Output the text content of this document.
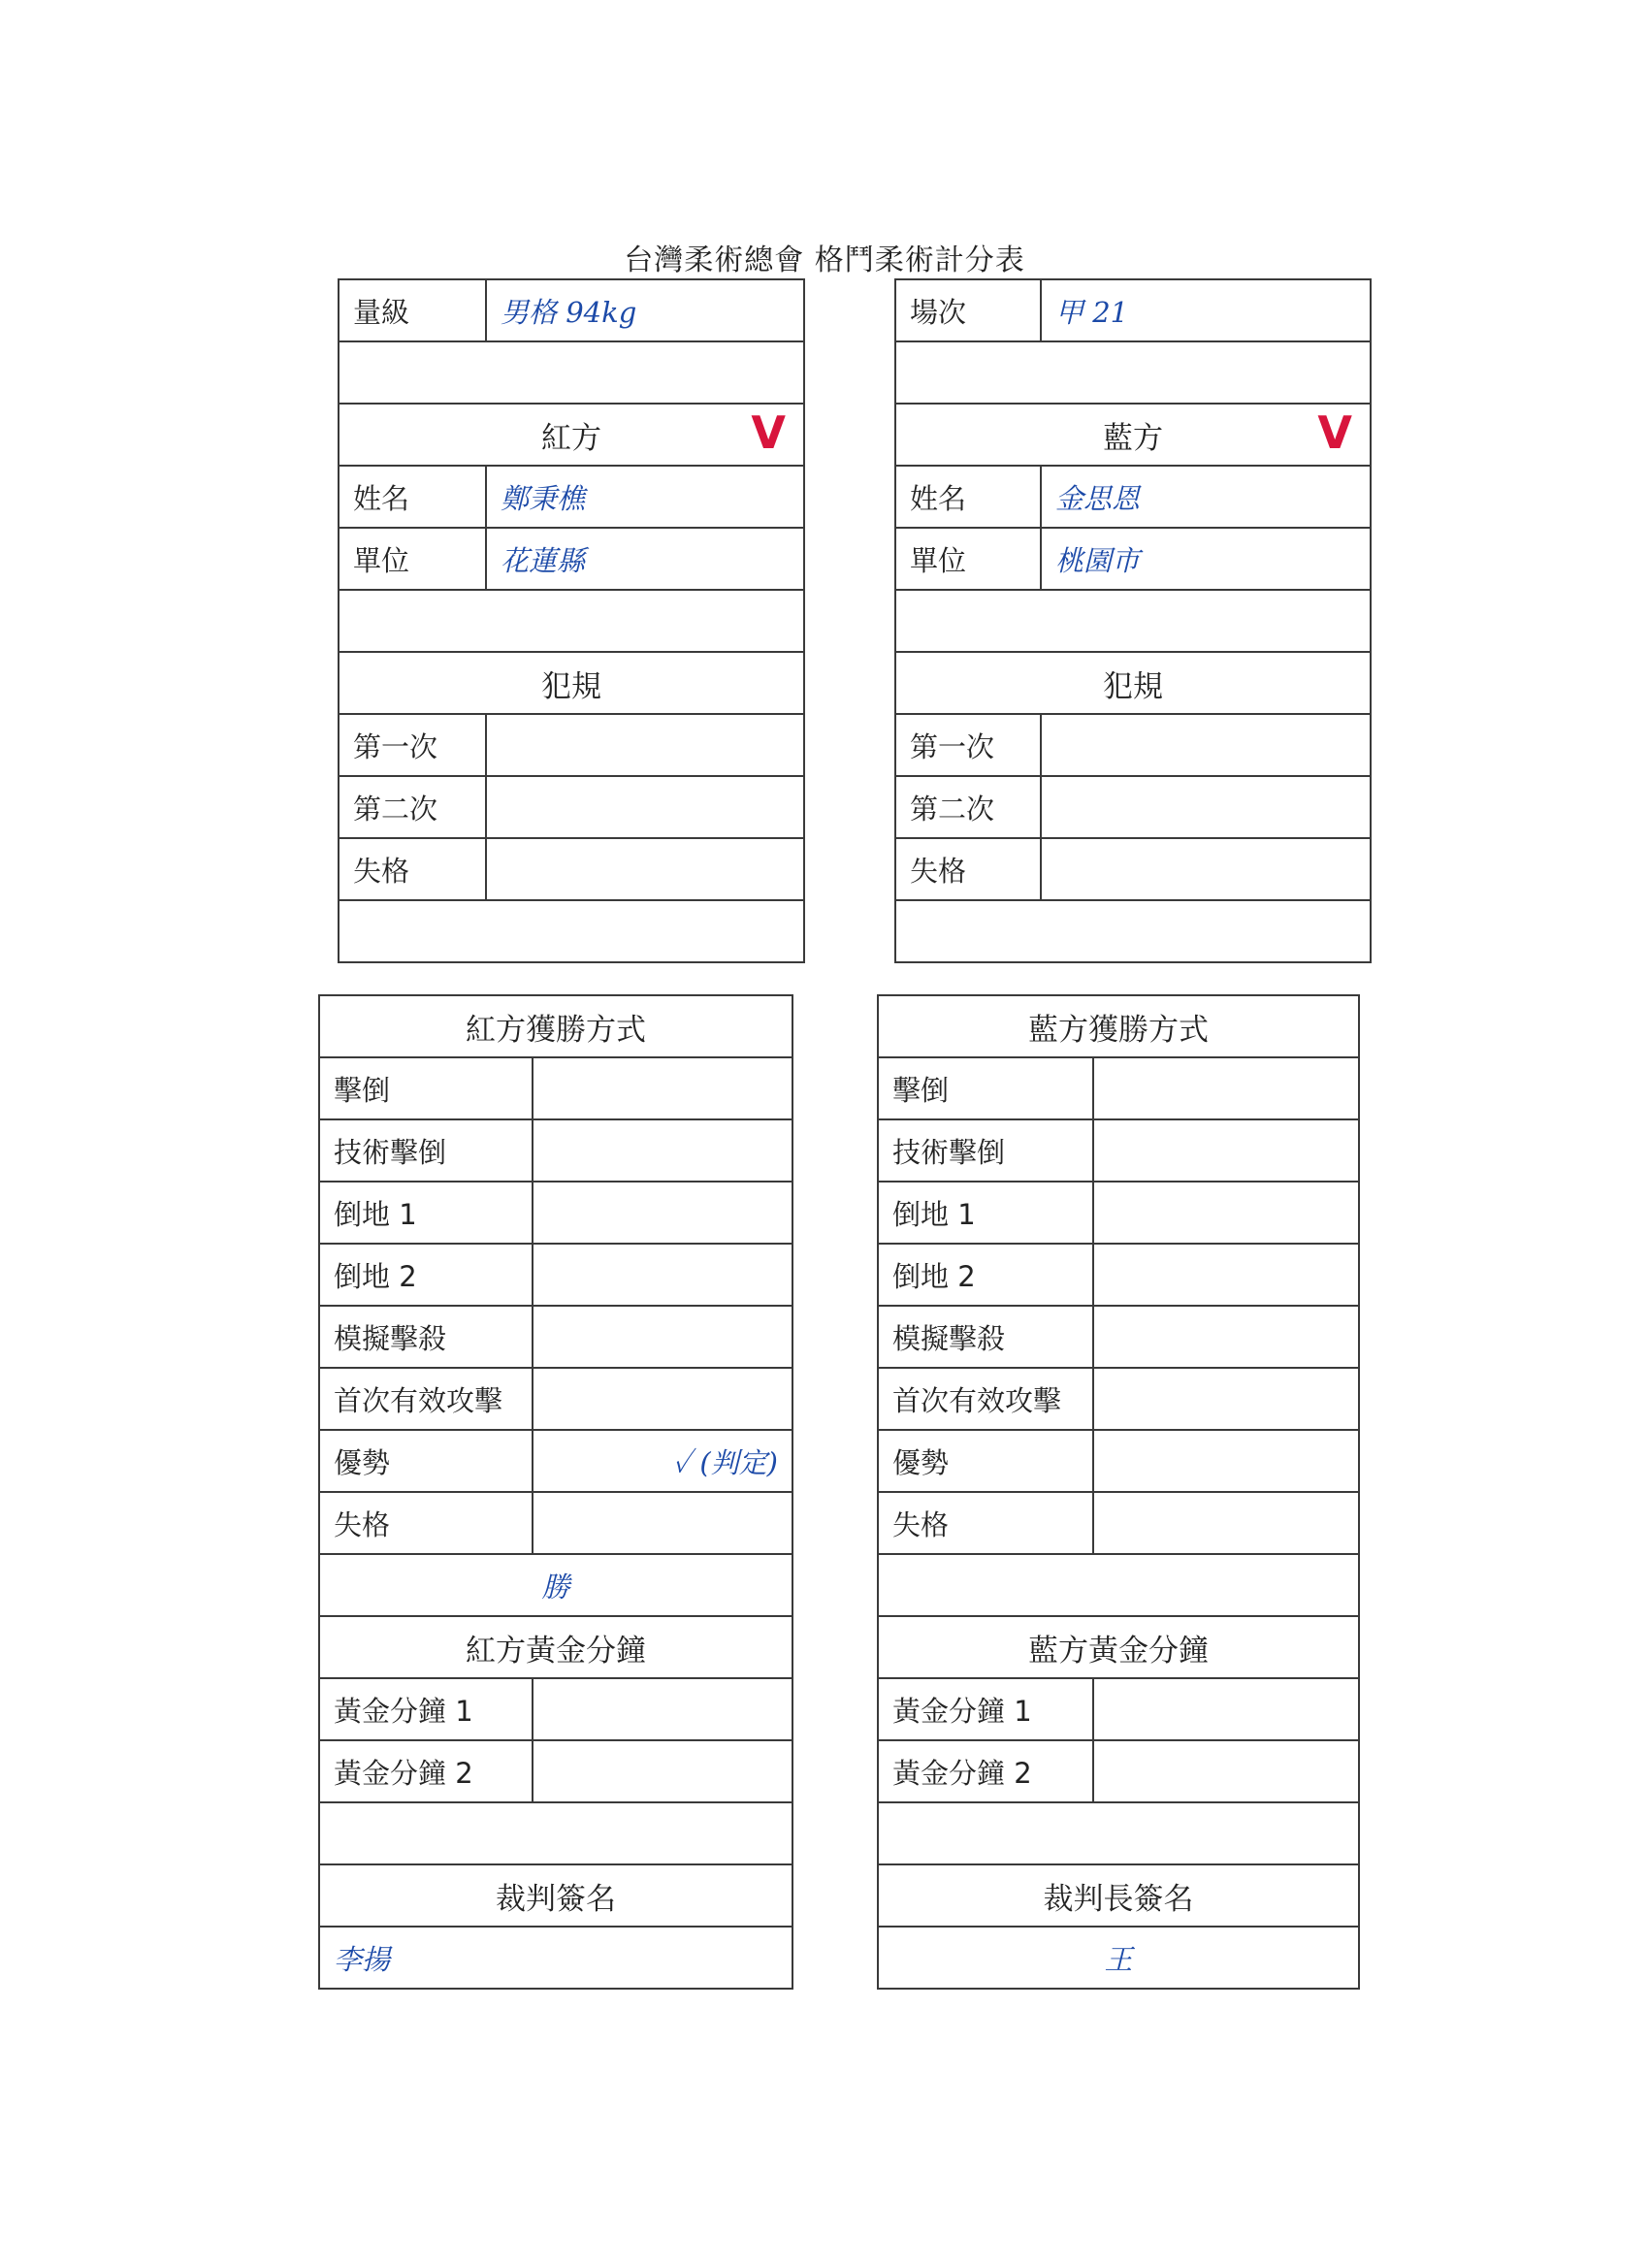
台灣柔術總會 格鬥柔術計分表
量級	男格 94kg

紅方 V	

姓名	鄭秉樵
單位	花蓮縣

犯規	
第一次	
第二次	
失格	

紅方獲勝方式	
擊倒	
技術擊倒	
倒地 1	
倒地 2	
模擬擊殺	
首次有效攻擊	
優勢	✓ (判定)
失格	
勝	
紅方黃金分鐘	
黃金分鐘 1	
黃金分鐘 2	

裁判簽名	
李揚	
場次	甲 21

藍方 V	

姓名	金思恩
單位	桃園市

犯規	
第一次	
第二次	
失格	

藍方獲勝方式	
擊倒	
技術擊倒	
倒地 1	
倒地 2	
模擬擊殺	
首次有效攻擊	
優勢	
失格	

藍方黃金分鐘	
黃金分鐘 1	
黃金分鐘 2	

裁判長簽名	
王	
